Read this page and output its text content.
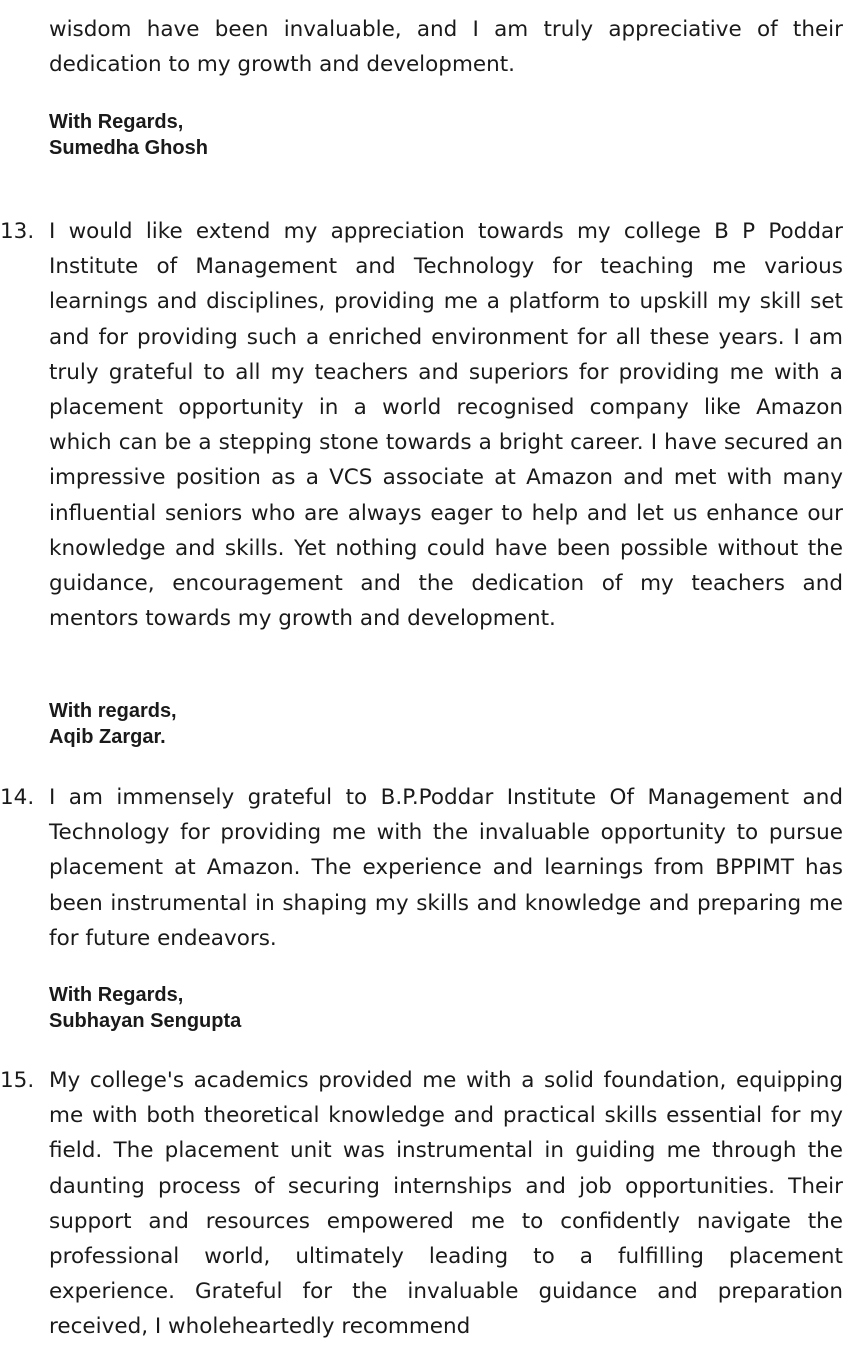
wisdom have been invaluable, and I am truly appreciative of their dedication to my growth and development.

With Regards,
Sumedha Ghosh
13. I would like extend my appreciation towards my college B P Poddar Institute of Management and Technology for teaching me various learnings and disciplines, providing me a platform to upskill my skill set and for providing such a enriched environment for all these years. I am truly grateful to all my teachers and superiors for providing me with a placement opportunity in a world recognised company like Amazon which can be a stepping stone towards a bright career. I have secured an impressive position as a VCS associate at Amazon and met with many influential seniors who are always eager to help and let us enhance our knowledge and skills. Yet nothing could have been possible without the guidance, encouragement and the dedication of my teachers and mentors towards my growth and development.

With regards,
Aqib Zargar.
14. I am immensely grateful to B.P.Poddar Institute Of Management and Technology for providing me with the invaluable opportunity to pursue placement at Amazon. The experience and learnings from BPPIMT has been instrumental in shaping my skills and knowledge and preparing me for future endeavors.

With Regards,
Subhayan Sengupta
15. My college's academics provided me with a solid foundation, equipping me with both theoretical knowledge and practical skills essential for my field. The placement unit was instrumental in guiding me through the daunting process of securing internships and job opportunities. Their support and resources empowered me to confidently navigate the professional world, ultimately leading to a fulfilling placement experience. Grateful for the invaluable guidance and preparation received, I wholeheartedly recommend
